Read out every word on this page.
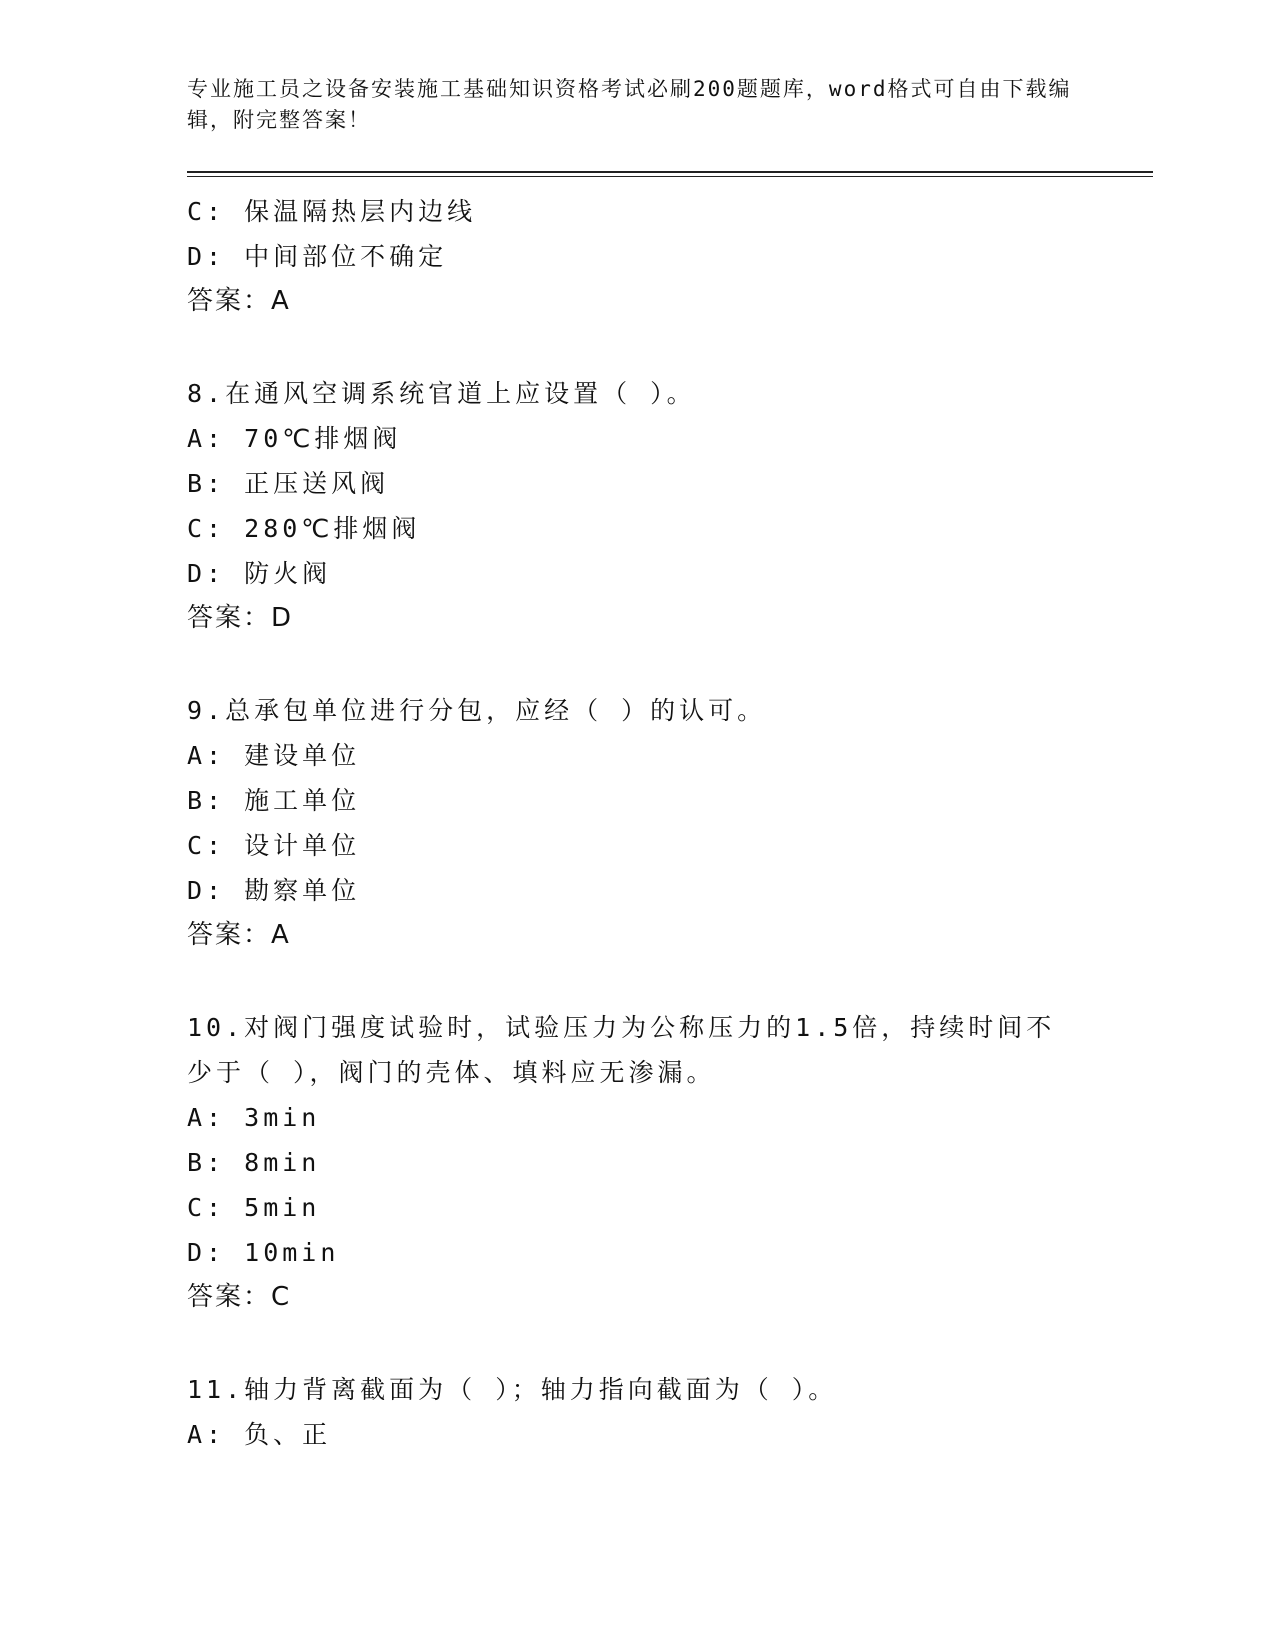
专业施工员之设备安装施工基础知识资格考试必刷200题题库，word格式可自由下载编辑，附完整答案！
C: 保温隔热层内边线
D: 中间部位不确定
答案：A
8.在通风空调系统官道上应设置（ ）。
A: 70℃排烟阀
B: 正压送风阀
C: 280℃排烟阀
D: 防火阀
答案：D
9.总承包单位进行分包，应经（ ）的认可。
A: 建设单位
B: 施工单位
C: 设计单位
D: 勘察单位
答案：A
10.对阀门强度试验时，试验压力为公称压力的1.5倍，持续时间不少于（ ），阀门的壳体、填料应无渗漏。
A: 3min
B: 8min
C: 5min
D: 10min
答案：C
11.轴力背离截面为（ ）；轴力指向截面为（ ）。
A: 负、正
